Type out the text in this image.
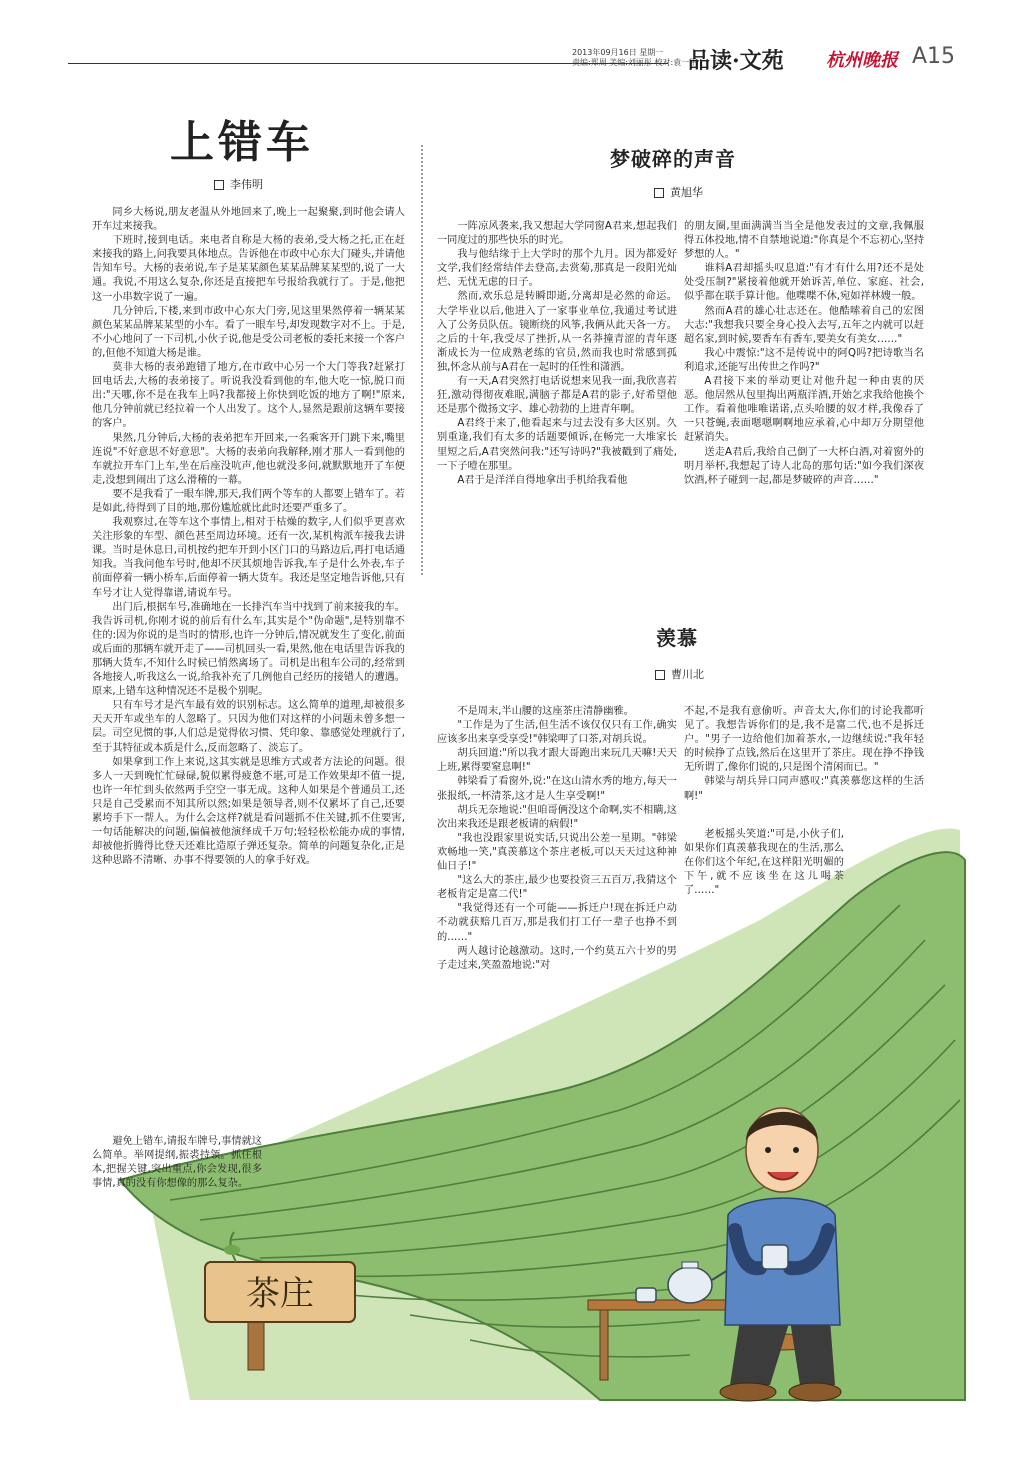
茶庄
2013年09月16日 星期一
责编:郑周 美编:刘丽彤 校对:袁一平
品读·文苑 杭州晚报 A15
上错车
李伟明

同乡大杨说,朋友老温从外地回来了,晚上一起聚聚,到时他会请人开车过来接我。

下班时,接到电话。来电者自称是大杨的表弟,受大杨之托,正在赶来接我的路上,问我要具体地点。告诉他在市政中心东大门碰头,并请他告知车号。大杨的表弟说,车子是某某颜色某某品牌某某型的,说了一大通。我说,不用这么复杂,你还是直接把车号报给我就行了。于是,他把这一小串数字说了一遍。

几分钟后,下楼,来到市政中心东大门旁,见这里果然停着一辆某某颜色某某品牌某某型的小车。看了一眼车号,却发现数字对不上。于是,不小心地问了一下司机,小伙子说,他是受公司老板的委托来接一个客户的,但他不知道大杨是谁。

莫非大杨的表弟跑错了地方,在市政中心另一个大门等我?赶紧打回电话去,大杨的表弟接了。听说我没看到他的车,他大吃一惊,脱口而出:"天哪,你不是在我车上吗?我都接上你快到吃饭的地方了啊!"原来,他几分钟前就已经拉着一个人出发了。这个人,显然是跟前这辆车要接的客户。

果然,几分钟后,大杨的表弟把车开回来,一名乘客开门跳下来,嘴里连说"不好意思不好意思"。大杨的表弟向我解释,刚才那人一看到他的车就拉开车门上车,坐在后座没吭声,他也就没多问,就默默地开了车便走,没想到闹出了这么滑稽的一幕。

要不是我看了一眼车牌,那天,我们两个等车的人都要上错车了。若是如此,待得到了目的地,那份尴尬就比此时还要严重多了。

我观察过,在等车这个事情上,相对于枯燥的数字,人们似乎更喜欢关注形象的车型、颜色甚至周边环境。还有一次,某机构派车接我去讲课。当时是休息日,司机按约把车开到小区门口的马路边后,再打电话通知我。当我问他车号时,他却不厌其烦地告诉我,车子是什么外表,车子前面停着一辆小桥车,后面停着一辆大货车。我还是坚定地告诉他,只有车号才让人觉得靠谱,请说车号。

出门后,根据车号,准确地在一长排汽车当中找到了前来接我的车。我告诉司机,你刚才说的前后有什么车,其实是个"伪命题",是特别靠不住的:因为你说的是当时的情形,也许一分钟后,情况就发生了变化,前面或后面的那辆车就开走了——司机回头一看,果然,他在电话里告诉我的那辆大货车,不知什么时候已悄然离场了。司机是出租车公司的,经常到各地接人,听我这么一说,给我补充了几例他自己经历的接错人的遭遇。原来,上错车这种情况还不是极个别呢。

只有车号才是汽车最有效的识别标志。这么简单的道理,却被很多天天开车或坐车的人忽略了。只因为他们对这样的小问题未曾多想一层。司空见惯的事,人们总是觉得依习惯、凭印象、靠感觉处理就行了,至于其特征或本质是什么,反而忽略了、淡忘了。

如果拿到工作上来说,这其实就是思维方式或者方法论的问题。很多人一天到晚忙忙碌碌,貌似累得疲惫不堪,可是工作效果却不值一提,也许一年忙到头依然两手空空一事无成。这种人如果是个普通员工,还只是自己受累而不知其所以然;如果是领导者,则不仅累坏了自己,还要累垮手下一帮人。为什么会这样?就是看问题抓不住关键,抓不住要害,一句话能解决的问题,偏偏被他演绎成千万句;轻轻松松能办成的事情,却被他折腾得比登天还难比造原子弹还复杂。简单的问题复杂化,正是这种思路不清晰、办事不得要领的人的拿手好戏。

避免上错车,请报车牌号,事情就这么简单。举网提纲,振裘持领。抓住根本,把握关键,突出重点,你会发现,很多事情,真的没有你想像的那么复杂。

梦破碎的声音
黄旭华

一阵凉风袭来,我又想起大学同窗A君来,想起我们一同度过的那些快乐的时光。

我与他结缘于上大学时的那个九月。因为都爱好文学,我们经常结伴去登高,去赏菊,那真是一段阳光灿烂、无忧无虑的日子。

然而,欢乐总是转瞬即逝,分离却是必然的命运。大学毕业以后,他进入了一家事业单位,我通过考试进入了公务员队伍。镜断绕的风筝,我俩从此天各一方。之后的十年,我受尽了挫折,从一名莽撞青涩的青年逐渐成长为一位成熟老练的官员,然而我也时常感到孤独,怀念从前与A君在一起时的任性和潇洒。

有一天,A君突然打电话说想来见我一面,我欣喜若狂,激动得彻夜难眠,满脑子都是A君的影子,好希望他还是那个微扬文字、雄心勃勃的上进青年啊。

A君终于来了,他看起来与过去没有多大区别。久别重逢,我们有太多的话题要倾诉,在畅完一大堆家长里短之后,A君突然问我:"还写诗吗?"我被戳到了痛处,一下子噎在那里。

A君于是洋洋自得地拿出手机给我看他

的朋友圈,里面满满当当全是他发表过的文章,我佩服得五体投地,情不自禁地说道:"你真是个不忘初心,坚持梦想的人。"

谁料A君却摇头叹息道:"有才有什么用?还不是处处受压制?"紧接着他就开始诉苦,单位、家庭、社会,似乎都在联手算计他。他喋喋不休,宛如祥林嫂一般。

然而A君的雄心壮志还在。他酷嗦着自己的宏图大志:"我想我只要全身心投入去写,五年之内就可以赶超名家,到时候,要香车有香车,要美女有美女……"

我心中震惊:"这不是传说中的阿Q吗?把诗歌当名利追求,还能写出传世之作吗?"

A君接下来的举动更让对他升起一种由衷的厌恶。他居然从包里掏出两瓶洋酒,开始乞求我给他换个工作。看着他唯唯诺诺,点头哈腰的奴才样,我像吞了一只苍蝇,表面嗯嗯啊啊地应承着,心中却万分期望他赶紧消失。

送走A君后,我给自己倒了一大杯白酒,对着窗外的明月举杯,我想起了诗人北岛的那句话:"如今我们深夜饮酒,杯子碰到一起,都是梦破碎的声音……"

羡慕
曹川北

不是周末,半山腰的这座茶庄清静幽雅。

"工作是为了生活,但生活不该仅仅只有工作,确实应该多出来享受享受!"韩梁呷了口茶,对胡兵说。

胡兵回道:"所以我才跟大哥跑出来玩几天嘛!天天上班,累得要窒息啊!"

韩梁看了看窗外,说:"在这山清水秀的地方,每天一张报纸,一杯清茶,这才是人生享受啊!"

胡兵无奈地说:"但咱哥俩没这个命啊,实不相瞒,这次出来我还是跟老板请的病假!"

"我也没跟家里说实话,只说出公差一星期。"韩梁欢畅地一笑,"真羡慕这个茶庄老板,可以天天过这种神仙日子!"

"这么大的茶庄,最少也要投资三五百万,我猜这个老板肯定是富二代!"

"我觉得还有一个可能——拆迁户!现在拆迁户动不动就获赔几百万,那是我们打工仔一辈子也挣不到的……"

两人越讨论越激动。这时,一个约莫五六十岁的男子走过来,笑盈盈地说:"对

不起,不是我有意偷听。声音太大,你们的讨论我都听见了。我想告诉你们的是,我不是富二代,也不是拆迁户。"男子一边给他们加着茶水,一边继续说:"我年轻的时候挣了点钱,然后在这里开了茶庄。现在挣不挣钱无所谓了,像你们说的,只是图个清闲而已。"

韩梁与胡兵异口同声感叹:"真羡慕您这样的生活啊!"

老板摇头笑道:"可是,小伙子们,如果你们真羡慕我现在的生活,那么在你们这个年纪,在这样阳光明媚的下午,就不应该坐在这儿喝茶了……"
